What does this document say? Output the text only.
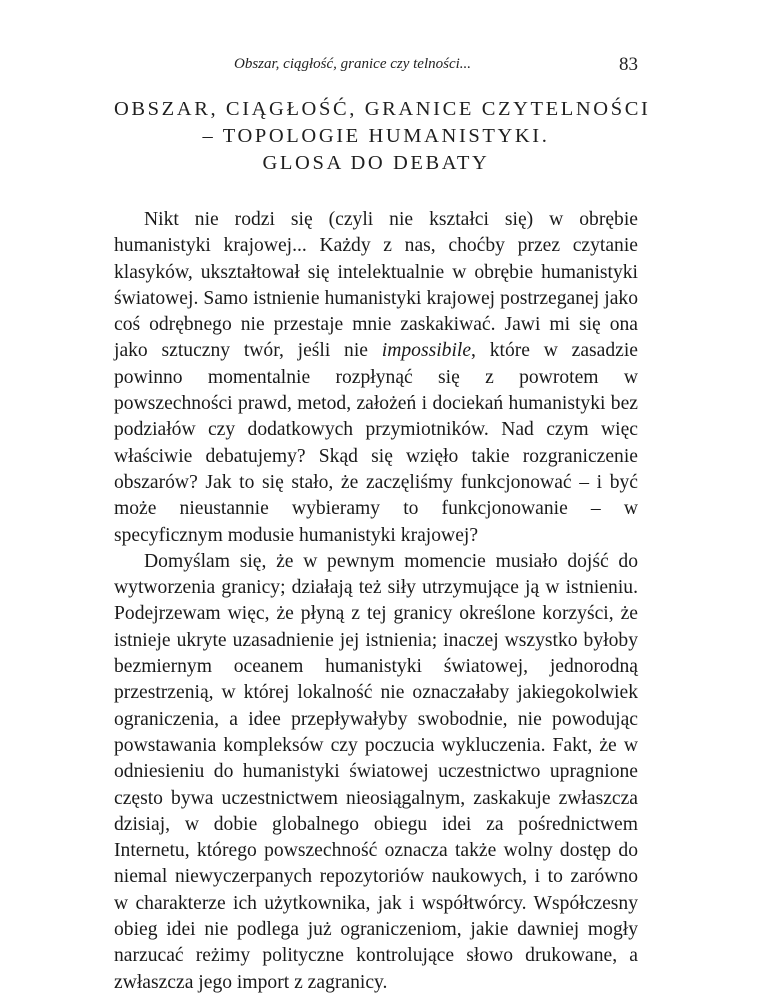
Obszar, ciągłość, granice czy telności...	83
OBSZAR, CIĄGŁOŚĆ, GRANICE CZYTELNOŚCI
– TOPOLOGIE HUMANISTYKI.
GLOSA DO DEBATY

Nikt nie rodzi się (czyli nie kształci się) w obrębie humanistyki krajowej... Każdy z nas, choćby przez czytanie klasyków, ukształtował się intelektualnie w obrębie humanistyki światowej. Samo istnienie humanistyki krajowej postrzeganej jako coś odrębnego nie przestaje mnie zaskakiwać. Jawi mi się ona jako sztuczny twór, jeśli nie impossibile, które w zasadzie powinno momentalnie rozpłynąć się z powrotem w powszechności prawd, metod, założeń i dociekań humanistyki bez podziałów czy dodatkowych przymiotników. Nad czym więc właściwie debatujemy? Skąd się wzięło takie rozgraniczenie obszarów? Jak to się stało, że zaczęliśmy funkcjonować – i być może nieustannie wybieramy to funkcjonowanie – w specyficznym modusie humanistyki krajowej?

Domyślam się, że w pewnym momencie musiało dojść do wytworzenia granicy; działają też siły utrzymujące ją w istnieniu. Podejrzewam więc, że płyną z tej granicy określone korzyści, że istnieje ukryte uzasadnienie jej istnienia; inaczej wszystko byłoby bezmiernym oceanem humanistyki światowej, jednorodną przestrzenią, w której lokalność nie oznaczałaby jakiegokolwiek ograniczenia, a idee przepływałyby swobodnie, nie powodując powstawania kompleksów czy poczucia wykluczenia. Fakt, że w odniesieniu do humanistyki światowej uczestnictwo upragnione często bywa uczestnictwem nieosiągalnym, zaskakuje zwłaszcza dzisiaj, w dobie globalnego obiegu idei za pośrednictwem Internetu, którego powszechność oznacza także wolny dostęp do niemal niewyczerpanych repozytoriów naukowych, i to zarówno w charakterze ich użytkownika, jak i współtwórcy. Współczesny obieg idei nie podlega już ograniczeniom, jakie dawniej mogły narzucać reżimy polityczne kontrolujące słowo drukowane, a zwłaszcza jego import z zagranicy.
